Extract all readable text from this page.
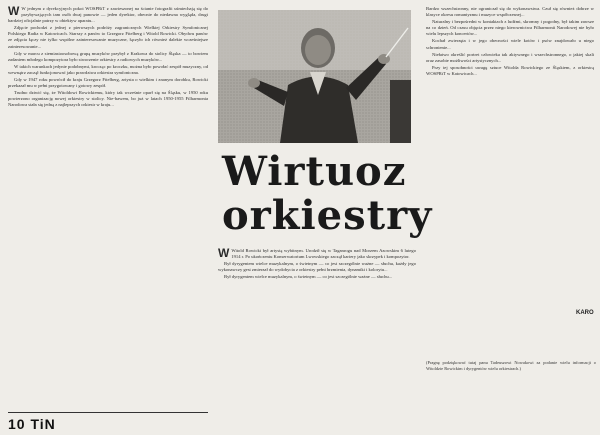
W W jednym z dyrekcyjnych pokoi WOSPRiT z zawieszonej na ścianie fotografii uśmiechają się do przybywających tam osób dwaj panowie — jeden dyrektor, obecnie do niedawna wygląda, drugi bardziej oficjalnie patrzy w obiektyw aparatu...

Zdjęcie pochodzi z jednej z pierwszych podróży zagranicznych Wielkiej Orkiestry Symfonicznej Polskiego Radia w Katowicach. Starszy z panów to Grzegorz Fitelberg i Witold Rowicki. Obydwu panów ze zdjęcia łączy nie tylko wspólne zainteresowanie muzyczne, łączyło ich również dalekie wcześniejsze zainteresowanie...

Gdy w marcu z siemiastoosobową grupą muzyków przybył z Krakowa do stolicy Śląska — to bowiem zadaniem młodego kompozytora było stworzenie orkiestry z radiowych muzyków...

W takich warunkach jedynie podobnymi, krocząc po kroczku, można było powołać zespół muzyczny, od wewnątrz zaczął funkcjonować jako prawdziwa orkiestra symfoniczna.

Gdy w 1947 roku powrócił do kraju Grzegorz Fitelberg, artysta o wielkim i znanym dorobku, Rowicki przekazał mu w pełni przygotowany i gotowy zespół.

Trudno dziwić się, że Witoldowi Rowickiemu, który tak wcześnie oparł się na Śląsku, w 1950 roku powierzono organizację nowej orkiestry w stolicy. Nie-bawem, bo już w latach 1950-1955 Filharmonia Narodowa stała się jedną z najlepszych orkiestr w kraju...

Wirtuoz
orkiestry

W Witold Rowicki był artystą wybitnym. Urodził się w Taganrogu nad Morzem Azowskim 6 lutego 1914 r. Po ukończeniu Konserwatorium Lwowskiego zaczął kariery jako skrzypek i kompozytor.

Był dyrygentem wielce muzykalnym, o świetnym — co jest szczególnie ważne — słuchu, każdy jego wykonawczy gest zmierzał do wydobycia z orkiestry pełni brzmienia, dynamiki i kolorytu...

Był dyrygentem wielce muzykalnym, o świetnym — co jest szczególnie ważne — słuchu...

Bardzo wszechstronny, nie ograniczał się do wykonawstwa. Czuł się również dobrze w klasyce okresu romantyzmu i muzyce współczesnej...

Naturalny i bezpośredni w kontaktach z ludźmi, skromny i pogodny, był takim zawsze na co dzień. Od czasu objęcia przez niego kierownictwa Filharmonii Narodowej nie było wielu lepszych koncertów...

Kochał zwierzęta i w jego obecności wiele kotów i psów znajdowało u niego schronienie...

Niełatwo określić portret człowieka tak aktywnego i wszechstronnego, o jakiej skali oraz zasobie możliwości artystycznych...

Przy tej sposobności uwagę sztuce Witolda Rowickiego ze Śląskiem, z orkiestrą WOSPRiT w Katowicach...

KARO
(Pragnę podziękować tutaj panu Tadeuszowi Nowakowi za podanie wielu informacji o Witoldzie Rowickim i dyrygentów wielu orkiestrach.)
10 TiN
